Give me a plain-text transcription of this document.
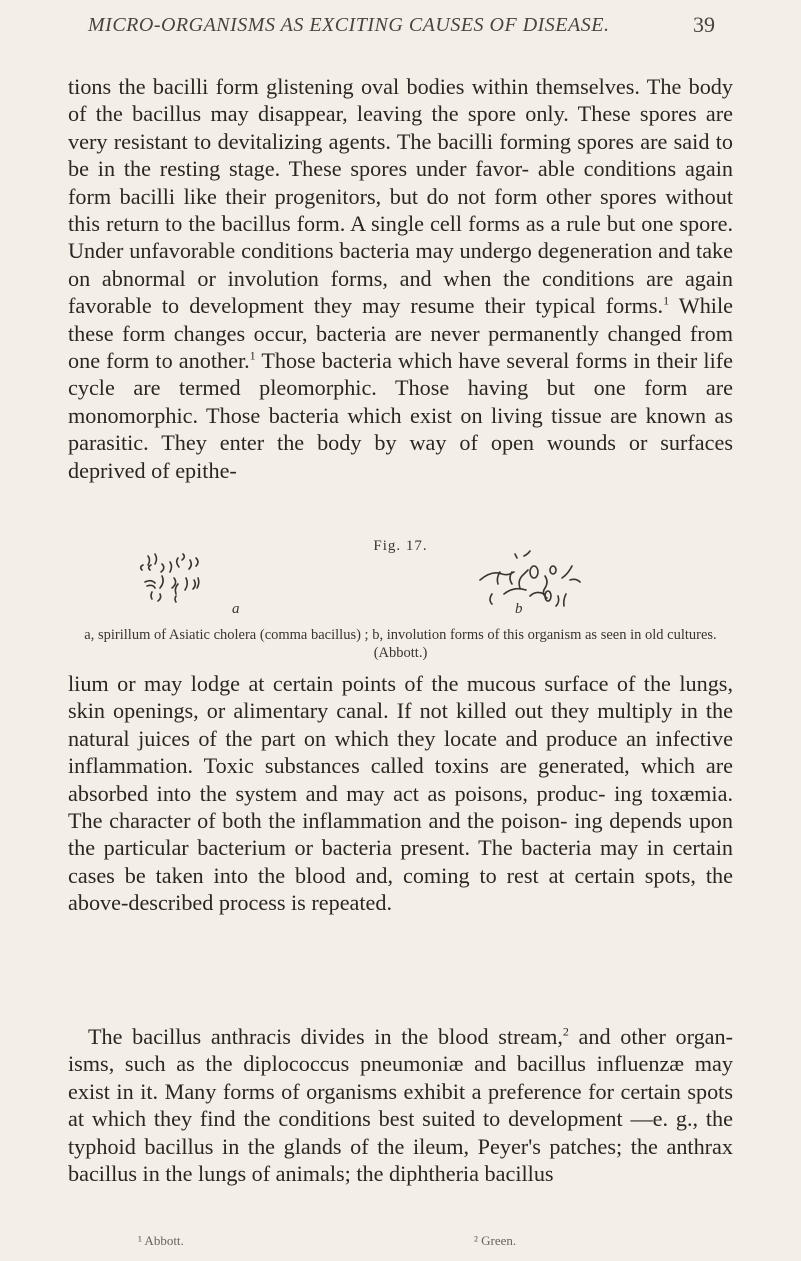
MICRO-ORGANISMS AS EXCITING CAUSES OF DISEASE.	39

tions the bacilli form glistening oval bodies within themselves. The body of the bacillus may disappear, leaving the spore only. These spores are very resistant to devitalizing agents. The bacilli forming spores are said to be in the resting stage. These spores under favor- able conditions again form bacilli like their progenitors, but do not form other spores without this return to the bacillus form. A single cell forms as a rule but one spore. Under unfavorable conditions bacteria may undergo degeneration and take on abnormal or involution forms, and when the conditions are again favorable to development they may resume their typical forms.$^1$ While these form changes occur, bacteria are never permanently changed from one form to another.$^1$ Those bacteria which have several forms in their life cycle are termed pleomorphic. Those having but one form are monomorphic. Those bacteria which exist on living tissue are known as parasitic. They enter the body by way of open wounds or surfaces deprived of epithe-

Fig. 17.
a	b
a, spirillum of Asiatic cholera (comma bacillus) ; b, involution forms of this organism as seen in old cultures. (Abbott.)

lium or may lodge at certain points of the mucous surface of the lungs, skin openings, or alimentary canal. If not killed out they multiply in the natural juices of the part on which they locate and produce an infective inflammation. Toxic substances called toxins are generated, which are absorbed into the system and may act as poisons, produc- ing toxæmia. The character of both the inflammation and the poison- ing depends upon the particular bacterium or bacteria present. The bacteria may in certain cases be taken into the blood and, coming to rest at certain spots, the above-described process is repeated.

The bacillus anthracis divides in the blood stream,$^2$ and other organ- isms, such as the diplococcus pneumoniæ and bacillus influenzæ may exist in it. Many forms of organisms exhibit a preference for certain spots at which they find the conditions best suited to development —e. g., the typhoid bacillus in the glands of the ileum, Peyer's patches; the anthrax bacillus in the lungs of animals; the diphtheria bacillus

¹ Abbott.	² Green.
